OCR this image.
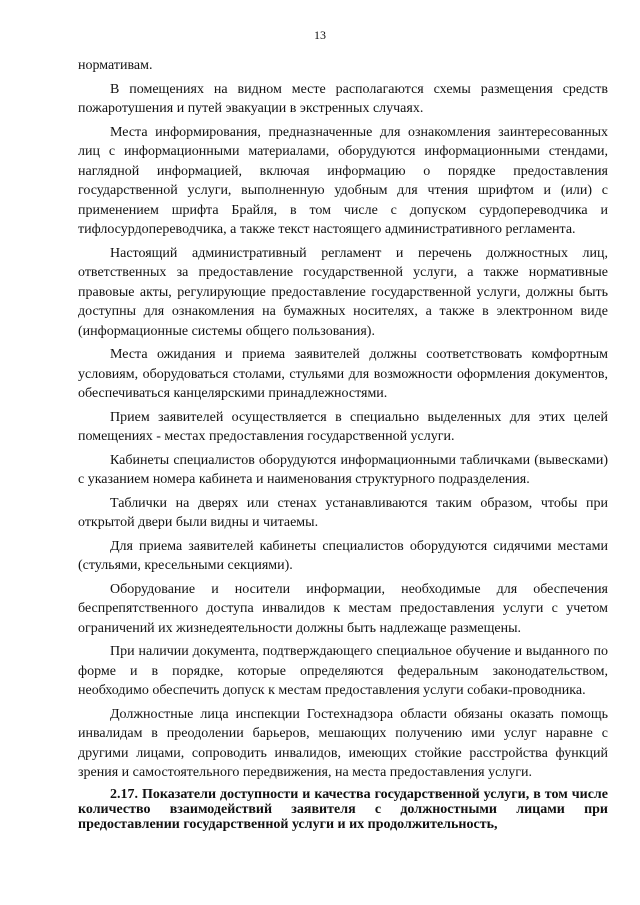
13

нормативам.

В помещениях на видном месте располагаются схемы размещения средств пожаротушения и путей эвакуации в экстренных случаях.

Места информирования, предназначенные для ознакомления заинтересованных лиц с информационными материалами, оборудуются информационными стендами, наглядной информацией, включая информацию о порядке предоставления государственной услуги, выполненную удобным для чтения шрифтом и (или) с применением шрифта Брайля, в том числе с допуском сурдопереводчика и тифлосурдопереводчика, а также текст настоящего административного регламента.

Настоящий административный регламент и перечень должностных лиц, ответственных за предоставление государственной услуги, а также нормативные правовые акты, регулирующие предоставление государственной услуги, должны быть доступны для ознакомления на бумажных носителях, а также в электронном виде (информационные системы общего пользования).

Места ожидания и приема заявителей должны соответствовать комфортным условиям, оборудоваться столами, стульями для возможности оформления документов, обеспечиваться канцелярскими принадлежностями.

Прием заявителей осуществляется в специально выделенных для этих целей помещениях - местах предоставления государственной услуги.

Кабинеты специалистов оборудуются информационными табличками (вывесками) с указанием номера кабинета и наименования структурного подразделения.

Таблички на дверях или стенах устанавливаются таким образом, чтобы при открытой двери были видны и читаемы.

Для приема заявителей кабинеты специалистов оборудуются сидячими местами (стульями, кресельными секциями).

Оборудование и носители информации, необходимые для обеспечения беспрепятственного доступа инвалидов к местам предоставления услуги с учетом ограничений их жизнедеятельности должны быть надлежаще размещены.

При наличии документа, подтверждающего специальное обучение и выданного по форме и в порядке, которые определяются федеральным законодательством, необходимо обеспечить допуск к местам предоставления услуги собаки-проводника.

Должностные лица инспекции Гостехнадзора области обязаны оказать помощь инвалидам в преодолении барьеров, мешающих получению ими услуг наравне с другими лицами, сопроводить инвалидов, имеющих стойкие расстройства функций зрения и самостоятельного передвижения, на места предоставления услуги.

2.17. Показатели доступности и качества государственной услуги, в том числе количество взаимодействий заявителя с должностными лицами при предоставлении государственной услуги и их продолжительность,
